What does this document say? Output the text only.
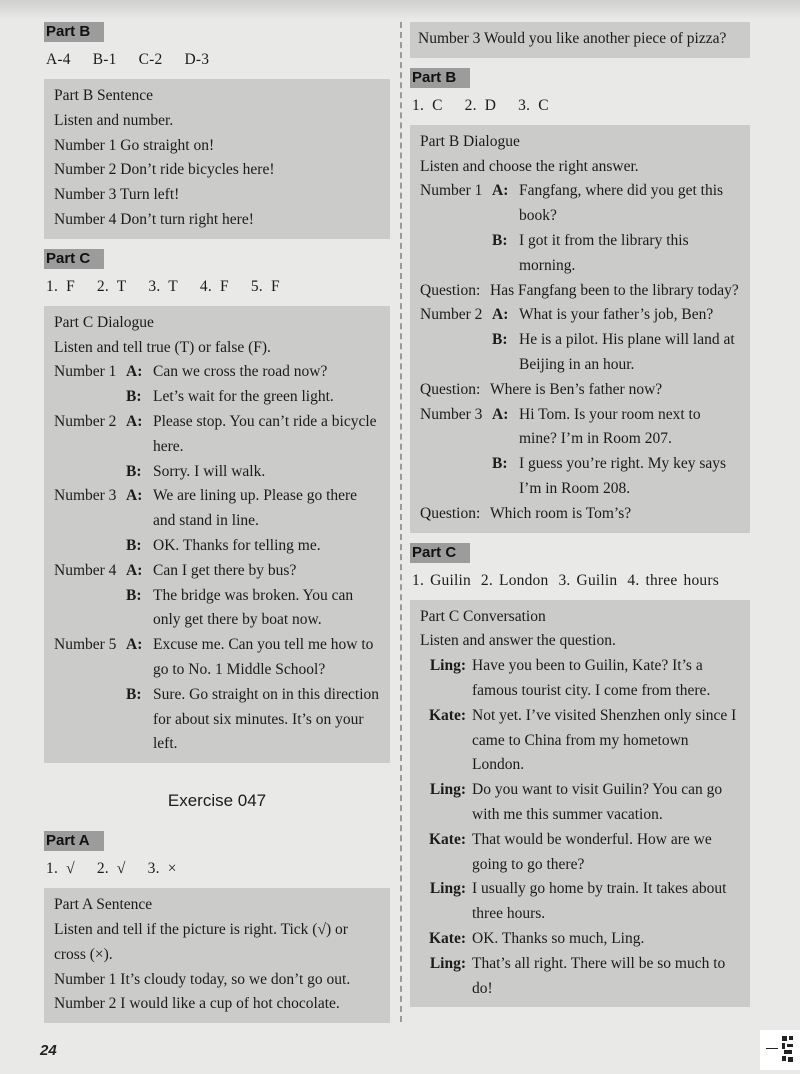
Part B
A-4 B-1 C-2 D-3

Part B Sentence

Listen and number.

Number 1 Go straight on!

Number 2 Don’t ride bicycles here!

Number 3 Turn left!

Number 4 Don’t turn right here!

Part C
1. F 2. T 3. T 4. F 5. F

Part C Dialogue

Listen and tell true (T) or false (F).

Number 1 A: Can we cross the road now?
B: Let’s wait for the green light.
Number 2 A: Please stop. You can’t ride a bicycle here.
B: Sorry. I will walk.
Number 3 A: We are lining up. Please go there and stand in line.
B: OK. Thanks for telling me.
Number 4 A: Can I get there by bus?
B: The bridge was broken. You can only get there by boat now.
Number 5 A: Excuse me. Can you tell me how to go to No. 1 Middle School?
B: Sure. Go straight on in this direction for about six minutes. It’s on your left.
Exercise 047
Part A
1. √ 2. √ 3. ×

Part A Sentence

Listen and tell if the picture is right. Tick (√) or cross (×).

Number 1 It’s cloudy today, so we don’t go out.

Number 2 I would like a cup of hot chocolate.

Number 3 Would you like another piece of pizza?

Part B
1. C 2. D 3. C

Part B Dialogue

Listen and choose the right answer.

Number 1 A: Fangfang, where did you get this book?
B: I got it from the library this morning.
Question: Has Fangfang been to the library today?
Number 2 A: What is your father’s job, Ben?
B: He is a pilot. His plane will land at Beijing in an hour.
Question: Where is Ben’s father now?
Number 3 A: Hi Tom. Is your room next to mine? I’m in Room 207.
B: I guess you’re right. My key says I’m in Room 208.
Question: Which room is Tom’s?
Part C
1. Guilin 2. London 3. Guilin 4. three hours

Part C Conversation

Listen and answer the question.

Ling: Have you been to Guilin, Kate? It’s a famous tourist city. I come from there.
Kate: Not yet. I’ve visited Shenzhen only since I came to China from my hometown London.
Ling: Do you want to visit Guilin? You can go with me this summer vacation.
Kate: That would be wonderful. How are we going to go there?
Ling: I usually go home by train. It takes about three hours.
Kate: OK. Thanks so much, Ling.
Ling: That’s all right. There will be so much to do!
24
